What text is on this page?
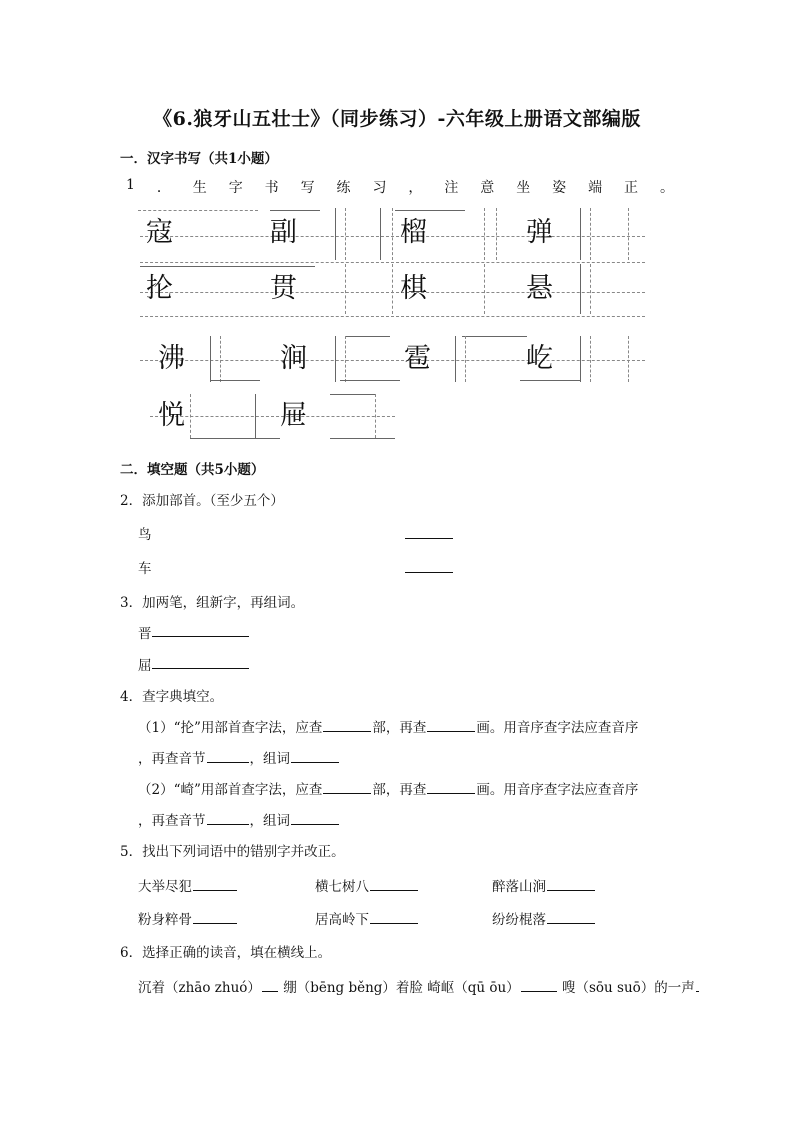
《6.狼牙山五壮士》（同步练习）-六年级上册语文部编版
一．汉字书写（共1小题）
1 ． 生 字 书 写 练 习 ， 注 意 坐 姿 端 正 。
寇	副	榴	弹
抡	贯	棋	悬
沸	涧	雹	屹
悦	屉
二．填空题（共5小题）
2．添加部首。（至少五个）
鸟
车
3．加两笔，组新字，再组词。
晋
屈
4．查字典填空。
（1）“抡”用部首查字法，应查	部，再查	画。用音序查字法应查音序
，再查音节	，组词
（2）“崎”用部首查字法，应查	部，再查	画。用音序查字法应查音序
，再查音节	，组词
5．找出下列词语中的错别字并改正。
大举尽犯	横七树八	醉落山涧
粉身粹骨	居高岭下	纷纷棍落
6．选择正确的读音，填在横线上。
沉着（zhāo zhuó） 绷（bēng běng）着脸 崎岖（qū ōu）	嗖（sōu suō）的一声
